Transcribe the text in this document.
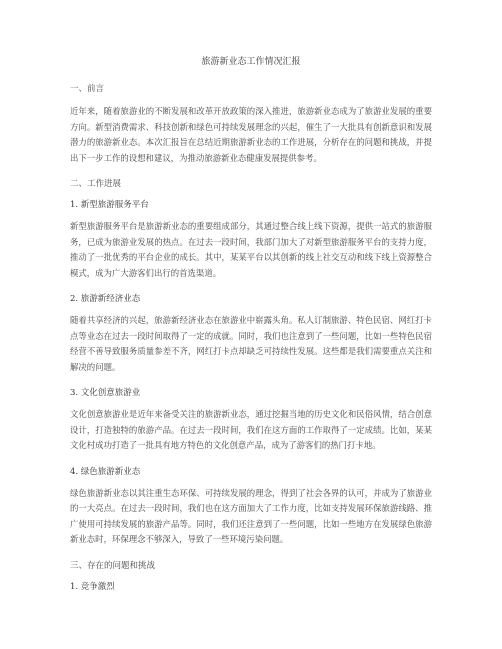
旅游新业态工作情况汇报
一、前言

近年来，随着旅游业的不断发展和改革开放政策的深入推进，旅游新业态成为了旅游业发展的重要方向。新型消费需求、科技创新和绿色可持续发展理念的兴起，催生了一大批具有创新意识和发展潜力的旅游新业态。本次汇报旨在总结近期旅游新业态的工作进展，分析存在的问题和挑战，并提出下一步工作的设想和建议，为推动旅游新业态健康发展提供参考。

二、工作进展
1. 新型旅游服务平台

新型旅游服务平台是旅游新业态的重要组成部分，其通过整合线上线下资源，提供一站式的旅游服务，已成为旅游业发展的热点。在过去一段时间，我部门加大了对新型旅游服务平台的支持力度，推动了一批优秀的平台企业的成长。其中，某某平台以其创新的线上社交互动和线下线上资源整合模式，成为广大游客们出行的首选渠道。

2. 旅游新经济业态

随着共享经济的兴起，旅游新经济业态在旅游业中崭露头角。私人订制旅游、特色民宿、网红打卡点等业态在过去一段时间取得了一定的成就。同时，我们也注意到了一些问题，比如一些特色民宿经营不善导致服务质量参差不齐，网红打卡点却缺乏可持续性发展。这些都是我们需要重点关注和解决的问题。

3. 文化创意旅游业

文化创意旅游业是近年来备受关注的旅游新业态，通过挖掘当地的历史文化和民俗风情，结合创意设计，打造独特的旅游产品。在过去一段时间，我们在这方面的工作取得了一定成绩。比如，某某文化村成功打造了一批具有地方特色的文化创意产品，成为了游客们的热门打卡地。

4. 绿色旅游新业态

绿色旅游新业态以其注重生态环保、可持续发展的理念，得到了社会各界的认可，并成为了旅游业的一大亮点。在过去一段时间，我们也在这方面加大了工作力度，比如支持发展环保旅游线路、推广使用可持续发展的旅游产品等。同时，我们还注意到了一些问题，比如一些地方在发展绿色旅游新业态时，环保理念不够深入，导致了一些环境污染问题。

三、存在的问题和挑战
1. 竞争激烈
